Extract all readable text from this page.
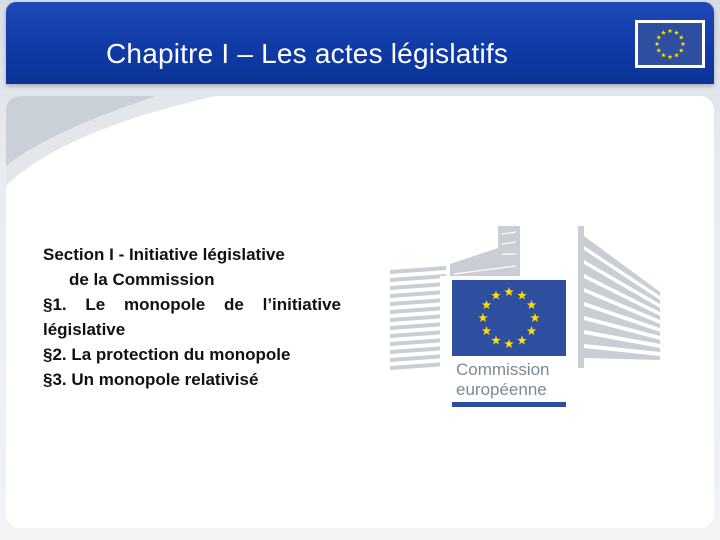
Chapitre I – Les actes législatifs

Section I - Initiative législative

de la Commission

§1. Le monopole de l’initiative législative

§2. La protection du monopole

§3. Un monopole relativisé

Commission
européenne
